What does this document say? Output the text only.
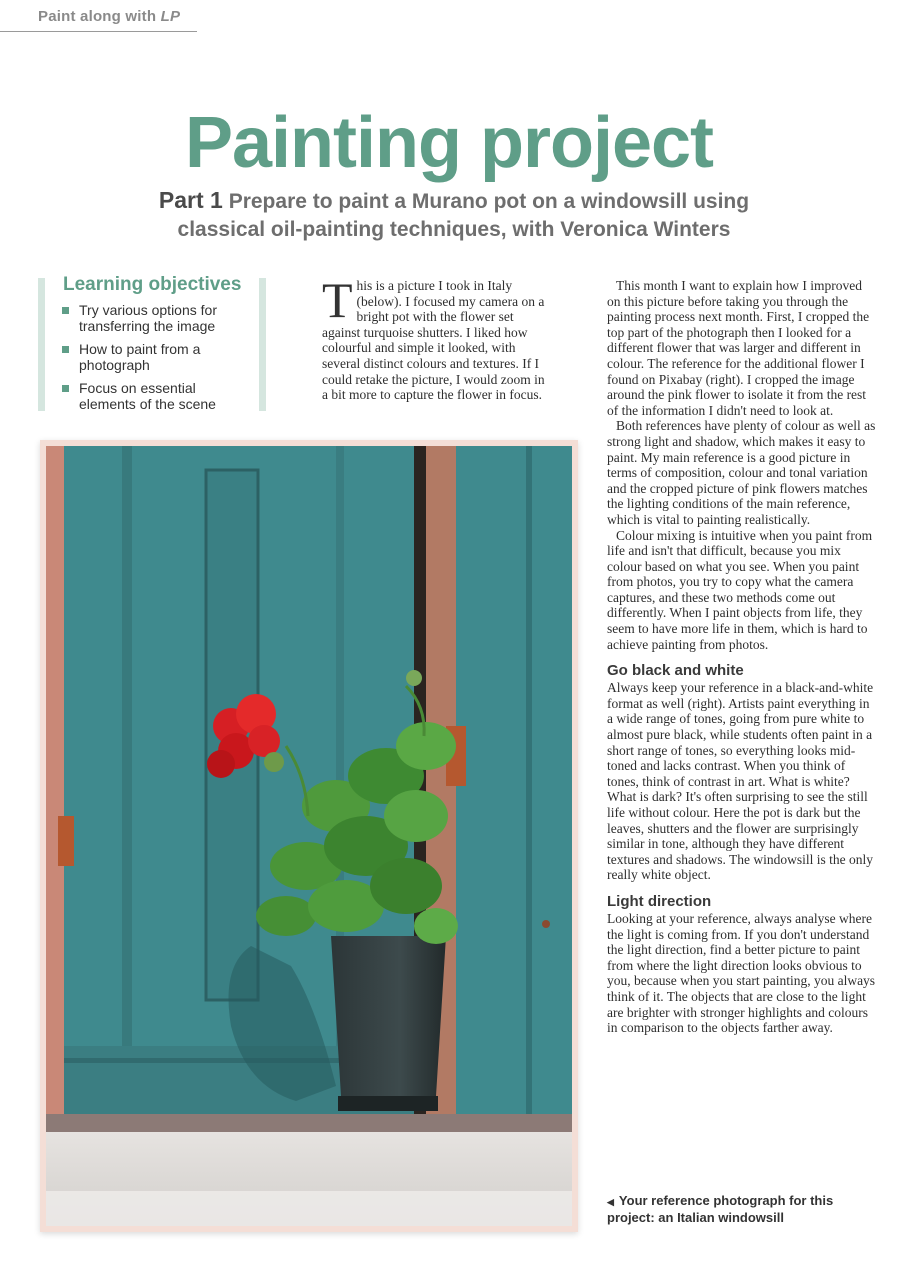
Paint along with LP
Painting project
Part 1 Prepare to paint a Murano pot on a windowsill using classical oil-painting techniques, with Veronica Winters
Learning objectives
Try various options for transferring the image
How to paint from a photograph
Focus on essential elements of the scene

This is a picture I took in Italy (below). I focused my camera on a bright pot with the flower set against turquoise shutters. I liked how colourful and simple it looked, with several distinct colours and textures. If I could retake the picture, I would zoom in a bit more to capture the flower in focus.

This month I want to explain how I improved on this picture before taking you through the painting process next month. First, I cropped the top part of the photograph then I looked for a different flower that was larger and different in colour. The reference for the additional flower I found on Pixabay (right). I cropped the image around the pink flower to isolate it from the rest of the information I didn't need to look at.

Both references have plenty of colour as well as strong light and shadow, which makes it easy to paint. My main reference is a good picture in terms of composition, colour and tonal variation and the cropped picture of pink flowers matches the lighting conditions of the main reference, which is vital to painting realistically.

Colour mixing is intuitive when you paint from life and isn't that difficult, because you mix colour based on what you see. When you paint from photos, you try to copy what the camera captures, and these two methods come out differently. When I paint objects from life, they seem to have more life in them, which is hard to achieve painting from photos.

Go black and white

Always keep your reference in a black-and-white format as well (right). Artists paint everything in a wide range of tones, going from pure white to almost pure black, while students often paint in a short range of tones, so everything looks mid-toned and lacks contrast. When you think of tones, think of contrast in art. What is white? What is dark? It's often surprising to see the still life without colour. Here the pot is dark but the leaves, shutters and the flower are surprisingly similar in tone, although they have different textures and shadows. The windowsill is the only really white object.

Light direction

Looking at your reference, always analyse where the light is coming from. If you don't understand the light direction, find a better picture to paint from where the light direction looks obvious to you, because when you start painting, you always think of it. The objects that are close to the light are brighter with stronger highlights and colours in comparison to the objects farther away.

◀ Your reference photograph for this project: an Italian windowsill
